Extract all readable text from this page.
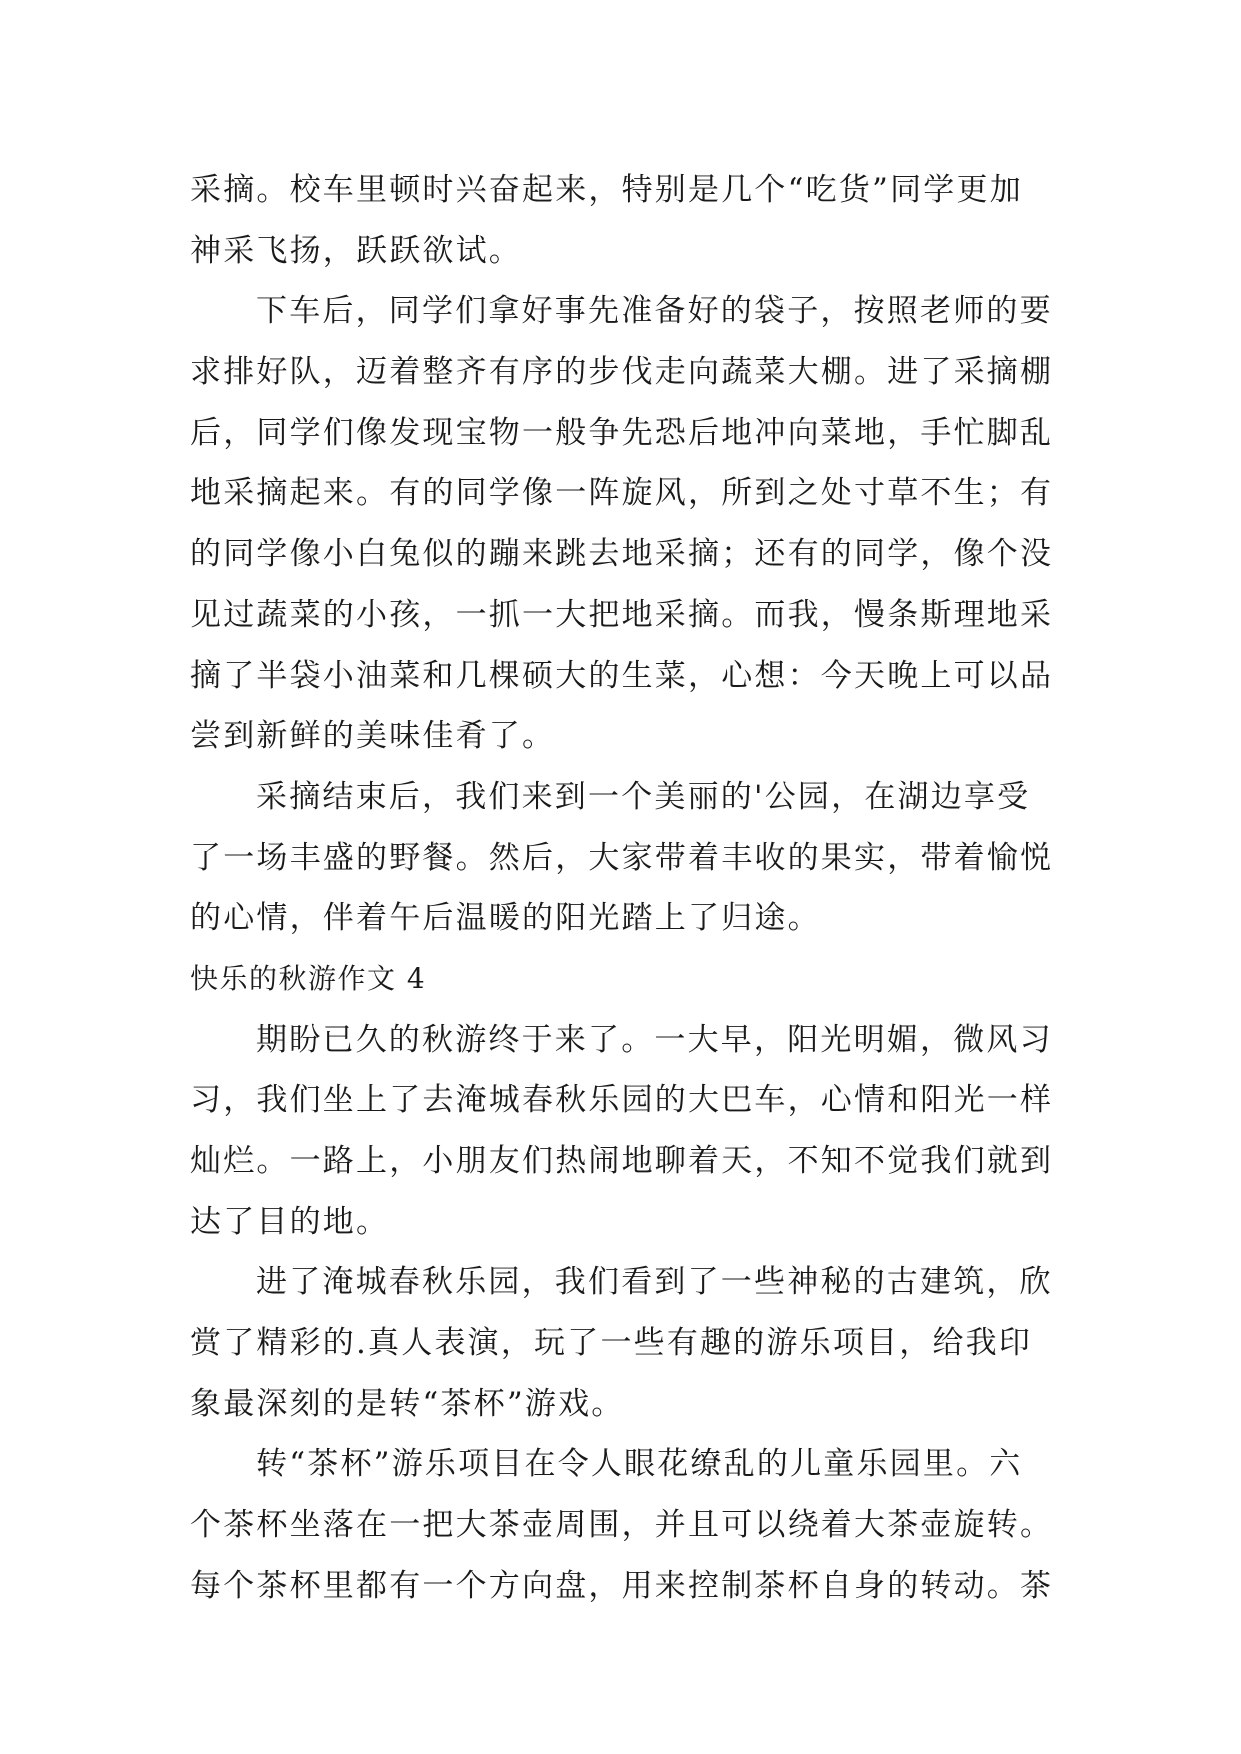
采摘。校车里顿时兴奋起来，特别是几个“吃货”同学更加
神采飞扬，跃跃欲试。
下车后，同学们拿好事先准备好的袋子，按照老师的要
求排好队，迈着整齐有序的步伐走向蔬菜大棚。进了采摘棚
后，同学们像发现宝物一般争先恐后地冲向菜地，手忙脚乱
地采摘起来。有的同学像一阵旋风，所到之处寸草不生；有
的同学像小白兔似的蹦来跳去地采摘；还有的同学，像个没
见过蔬菜的小孩，一抓一大把地采摘。而我，慢条斯理地采
摘了半袋小油菜和几棵硕大的生菜，心想：今天晚上可以品
尝到新鲜的美味佳肴了。
采摘结束后，我们来到一个美丽的'公园，在湖边享受
了一场丰盛的野餐。然后，大家带着丰收的果实，带着愉悦
的心情，伴着午后温暖的阳光踏上了归途。
快乐的秋游作文 4
期盼已久的秋游终于来了。一大早，阳光明媚，微风习
习，我们坐上了去淹城春秋乐园的大巴车，心情和阳光一样
灿烂。一路上，小朋友们热闹地聊着天，不知不觉我们就到
达了目的地。
进了淹城春秋乐园，我们看到了一些神秘的古建筑，欣
赏了精彩的.真人表演，玩了一些有趣的游乐项目，给我印
象最深刻的是转“茶杯”游戏。
转“茶杯”游乐项目在令人眼花缭乱的儿童乐园里。六
个茶杯坐落在一把大茶壶周围，并且可以绕着大茶壶旋转。
每个茶杯里都有一个方向盘，用来控制茶杯自身的转动。茶
